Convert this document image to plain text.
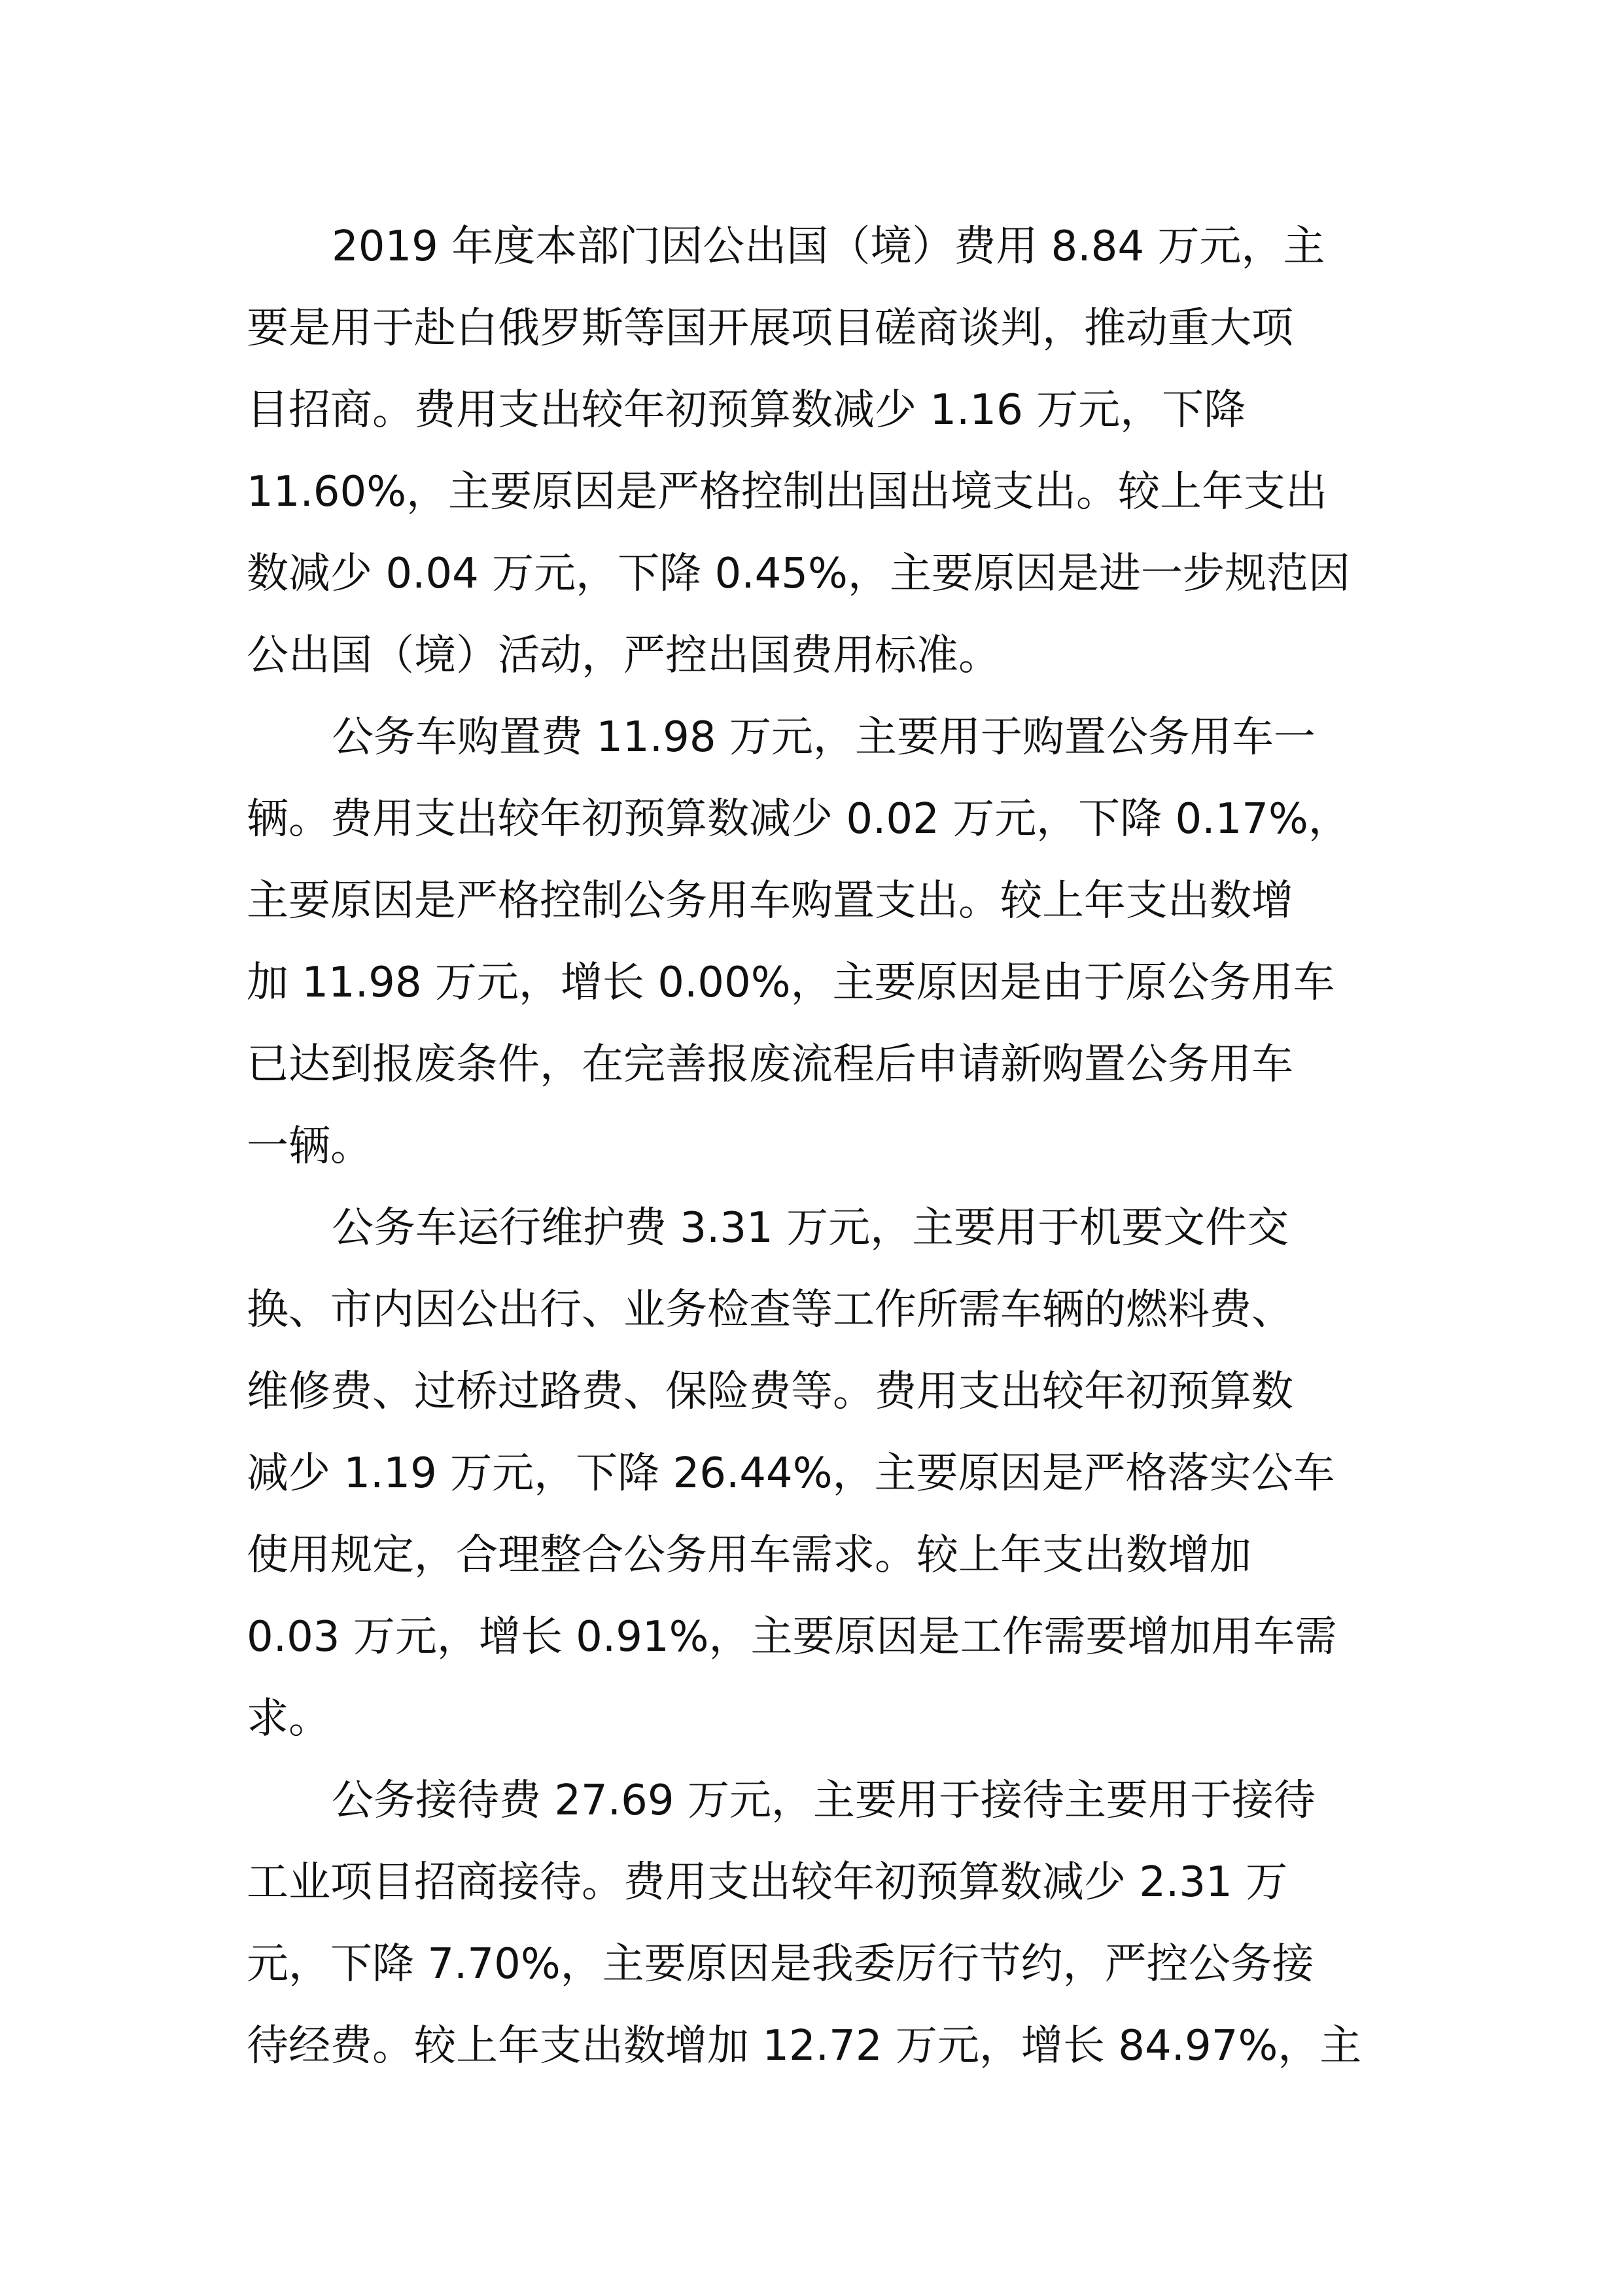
2019 年度本部门因公出国（境）费用 8.84 万元，主
要是用于赴白俄罗斯等国开展项目磋商谈判，推动重大项
目招商。费用支出较年初预算数减少 1.16 万元，下降
11.60%，主要原因是严格控制出国出境支出。较上年支出
数减少 0.04 万元，下降 0.45%，主要原因是进一步规范因
公出国（境）活动，严控出国费用标准。
公务车购置费 11.98 万元，主要用于购置公务用车一
辆。费用支出较年初预算数减少 0.02 万元，下降 0.17%，
主要原因是严格控制公务用车购置支出。较上年支出数增
加 11.98 万元，增长 0.00%，主要原因是由于原公务用车
已达到报废条件，在完善报废流程后申请新购置公务用车
一辆。
公务车运行维护费 3.31 万元，主要用于机要文件交
换、市内因公出行、业务检查等工作所需车辆的燃料费、
维修费、过桥过路费、保险费等。费用支出较年初预算数
减少 1.19 万元，下降 26.44%，主要原因是严格落实公车
使用规定，合理整合公务用车需求。较上年支出数增加
0.03 万元，增长 0.91%，主要原因是工作需要增加用车需
求。
公务接待费 27.69 万元，主要用于接待主要用于接待
工业项目招商接待。费用支出较年初预算数减少 2.31 万
元，下降 7.70%，主要原因是我委厉行节约，严控公务接
待经费。较上年支出数增加 12.72 万元，增长 84.97%，主
